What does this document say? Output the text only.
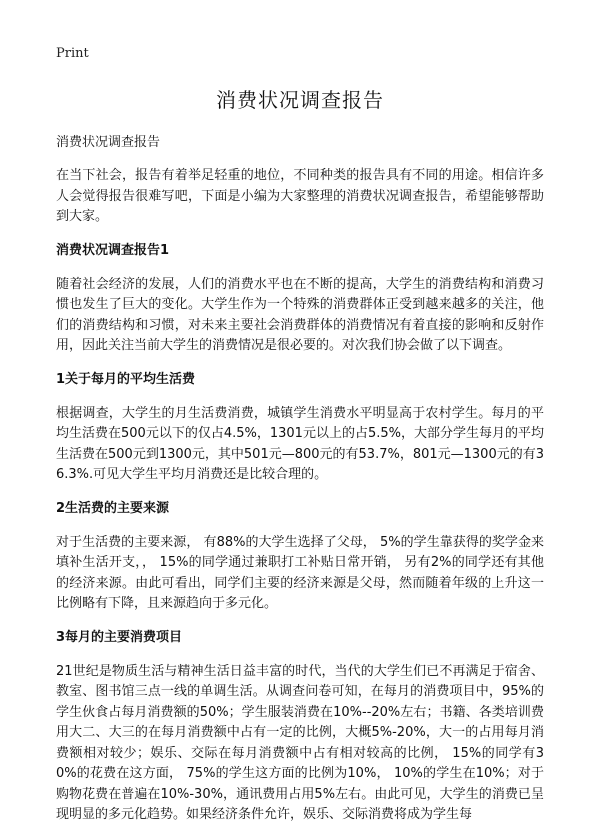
Print
消费状况调查报告
消费状况调查报告

在当下社会，报告有着举足轻重的地位，不同种类的报告具有不同的用途。相信许多人会觉得报告很难写吧，下面是小编为大家整理的消费状况调查报告，希望能够帮助到大家。

消费状况调查报告1

随着社会经济的发展，人们的消费水平也在不断的提高，大学生的消费结构和消费习惯也发生了巨大的变化。大学生作为一个特殊的消费群体正受到越来越多的关注，他们的消费结构和习惯，对未来主要社会消费群体的消费情况有着直接的影响和反射作用，因此关注当前大学生的消费情况是很必要的。对次我们协会做了以下调查。

1关于每月的平均生活费

根据调查，大学生的月生活费消费，城镇学生消费水平明显高于农村学生。每月的平均生活费在500元以下的仅占4.5%，1301元以上的占5.5%，大部分学生每月的平均生活费在500元到1300元，其中501元—800元的有53.7%，801元—1300元的有36.3%.可见大学生平均月消费还是比较合理的。

2生活费的主要来源

对于生活费的主要来源， 有88%的大学生选择了父母， 5%的学生靠获得的奖学金来填补生活开支，， 15%的同学通过兼职打工补贴日常开销， 另有2%的同学还有其他的经济来源。由此可看出，同学们主要的经济来源是父母，然而随着年级的上升这一比例略有下降，且来源趋向于多元化。

3每月的主要消费项目

21世纪是物质生活与精神生活日益丰富的时代，当代的大学生们已不再满足于宿舍、教室、图书馆三点一线的单调生活。从调查问卷可知，在每月的消费项目中，95%的学生伙食占每月消费额的50%；学生服装消费在10%--20%左右；书籍、各类培训费用大二、大三的在每月消费额中占有一定的比例，大概5%-20%，大一的占用每月消费额相对较少；娱乐、交际在每月消费额中占有相对较高的比例， 15%的同学有30%的花费在这方面， 75%的学生这方面的比例为10%， 10%的学生在10%；对于购物花费在普遍在10%-30%，通讯费用占用5%左右。由此可见，大学生的消费已呈现明显的多元化趋势。如果经济条件允许，娱乐、交际消费将成为学生每
